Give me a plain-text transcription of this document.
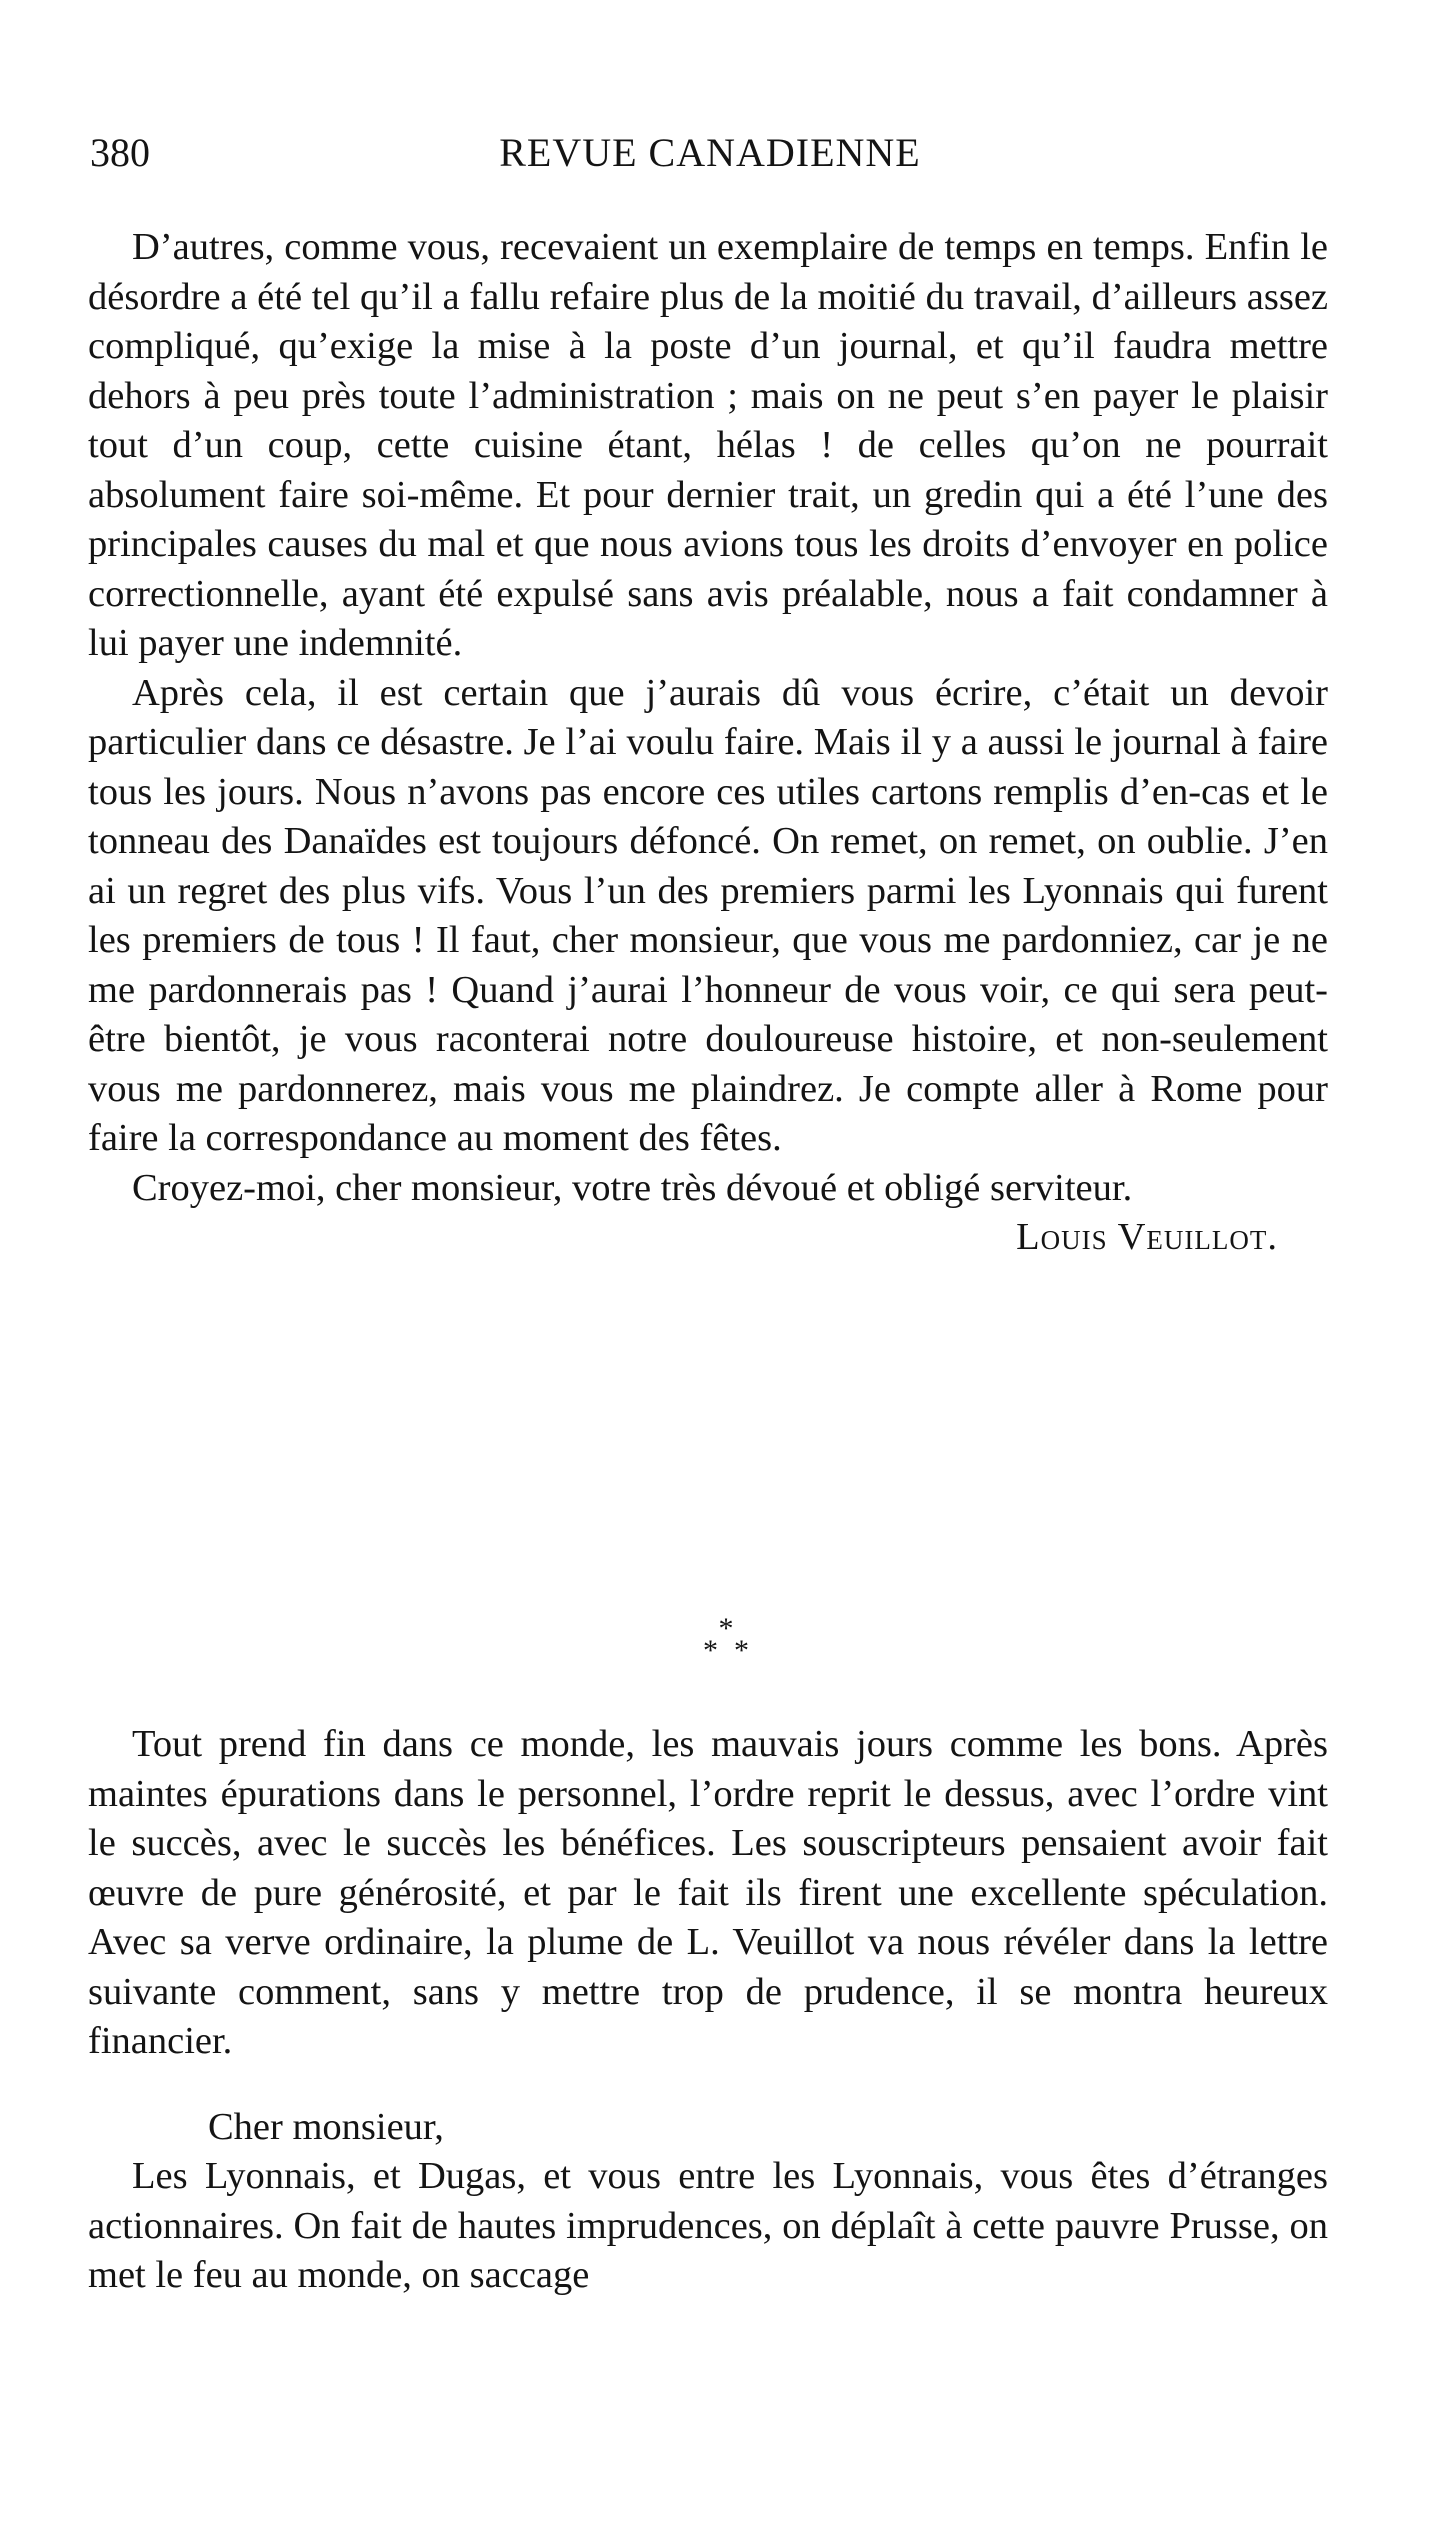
380	REVUE CANADIENNE

D’autres, comme vous, recevaient un exemplaire de temps en temps. Enfin le désordre a été tel qu’il a fallu refaire plus de la moitié du travail, d’ailleurs assez compliqué, qu’exige la mise à la poste d’un journal, et qu’il faudra mettre dehors à peu près toute l’administration ; mais on ne peut s’en payer le plaisir tout d’un coup, cette cuisine étant, hélas ! de celles qu’on ne pourrait absolument faire soi-même. Et pour dernier trait, un gredin qui a été l’une des principales causes du mal et que nous avions tous les droits d’envoyer en police correctionnelle, ayant été expulsé sans avis préalable, nous a fait condamner à lui payer une indemnité.

Après cela, il est certain que j’aurais dû vous écrire, c’était un devoir particulier dans ce désastre. Je l’ai voulu faire. Mais il y a aussi le journal à faire tous les jours. Nous n’avons pas encore ces utiles cartons remplis d’en-cas et le tonneau des Danaïdes est toujours défoncé. On remet, on remet, on oublie. J’en ai un regret des plus vifs. Vous l’un des premiers parmi les Lyonnais qui furent les premiers de tous ! Il faut, cher monsieur, que vous me pardonniez, car je ne me pardonnerais pas ! Quand j’aurai l’honneur de vous voir, ce qui sera peut-être bientôt, je vous raconterai notre douloureuse histoire, et non-seulement vous me pardonnerez, mais vous me plaindrez. Je compte aller à Rome pour faire la correspondance au moment des fêtes.

Croyez-moi, cher monsieur, votre très dévoué et obligé serviteur.

Louis Veuillot.

*
* *

Tout prend fin dans ce monde, les mauvais jours comme les bons. Après maintes épurations dans le personnel, l’ordre reprit le dessus, avec l’ordre vint le succès, avec le succès les bénéfices. Les souscripteurs pensaient avoir fait œuvre de pure générosité, et par le fait ils firent une excellente spéculation. Avec sa verve ordinaire, la plume de L. Veuillot va nous révéler dans la lettre suivante comment, sans y mettre trop de prudence, il se montra heureux financier.

Cher monsieur,

Les Lyonnais, et Dugas, et vous entre les Lyonnais, vous êtes d’étranges actionnaires. On fait de hautes imprudences, on déplaît à cette pauvre Prusse, on met le feu au monde, on saccage
